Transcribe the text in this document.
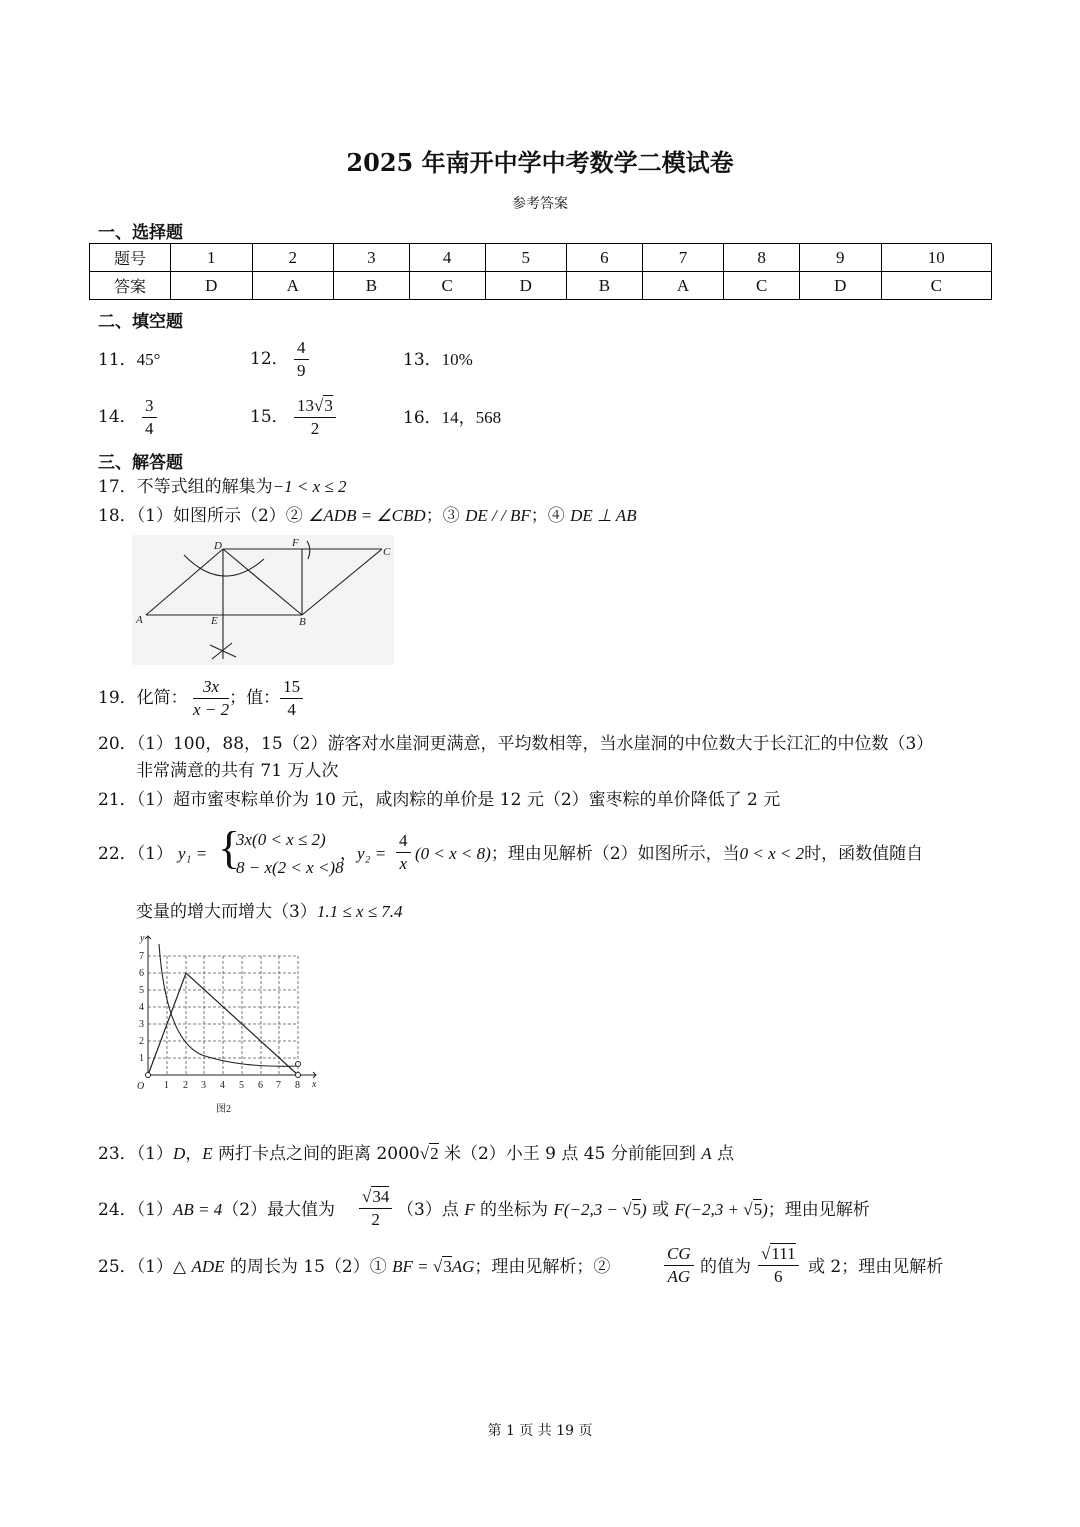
2025 年南开中学中考数学二模试卷
参考答案
一、选择题
题号	1	2	3	4	5	6	7	8	9	10
答案	D	A	B	C	D	B	A	C	D	C
二、填空题
11．45°	12． $\frac{4}{9}$	13．10%
14． $\frac{3}{4}$	15． $\frac{13√3}{2}$	16．14，568
三、解答题
17．不等式组的解集为−1 < x ≤ 2
18．（1）如图所示（2）② ∠ADB = ∠CBD；③ DE / / BF；④ DE ⊥ AB
D	F
C
A	E	B
19．化简： $\frac{3x}{x - 2}$ ；值： $\frac{15}{4}$
20．（1）100，88，15（2）游客对水崖洞更满意，平均数相等，当水崖洞的中位数大于长江汇的中位数（3）
非常满意的共有 71 万人次
21．（1）超市蜜枣粽单价为 10 元，咸肉粽的单价是 12 元（2）蜜枣粽的单价降低了 2 元
22．（1） y₁ = {
3x(0 < x ≤ 2)
8 − x(2 < x <)8
，$y_2 = \frac{4}{x} (0 < x < 8)$；理由见解析（2）如图所示，当0 < x < 2时，函数值随自
变量的增大而增大（3）1.1 ≤ x ≤ 7.4
1
2
3
4
5
6
7
1 2 3 4 5 6 7 8
O	x
y
图2
23．（1）D，E 两打卡点之间的距离 2000√2 米（2）小王 9 点 45 分前能回到 A 点
24．（1）AB = 4（2）最大值为 $\frac{√34}{2} (3)$点 F 的坐标为 F(−2,3 − √5) 或 F(−2,3 + √5)；理由见解析
25．（1）△ ADE 的周长为 15（2）① BF = √3AG；理由见解析；②	$\frac{CG}{AG}$ 的值为 $\frac{√111}{6}$ 或 2；理由见解析
第 1 页 共 19 页
